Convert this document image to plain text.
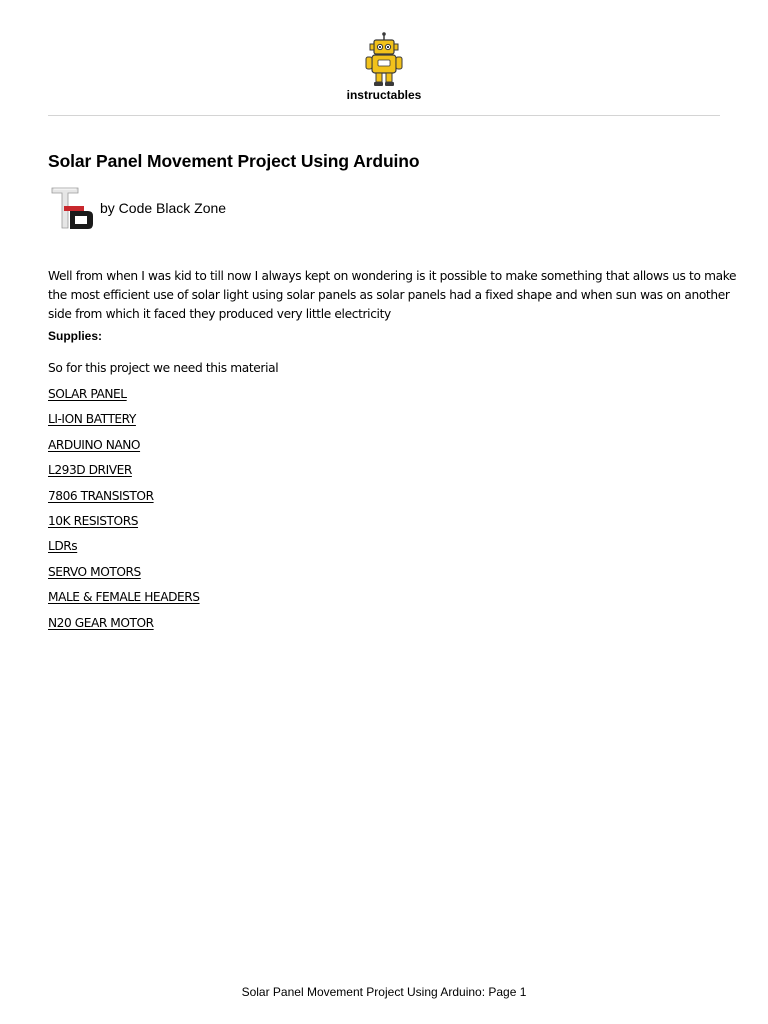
instructables
Solar Panel Movement Project Using Arduino
by Code Black Zone

Well from when I was kid to till now I always kept on wondering is it possible to make something that allows us to make the most efficient use of solar light using solar panels as solar panels had a fixed shape and when sun was on another side from which it faced they produced very little electricity

Supplies:
So for this project we need this material
SOLAR PANEL
LI-ION BATTERY
ARDUINO NANO
L293D DRIVER
7806 TRANSISTOR
10K RESISTORS
LDRs
SERVO MOTORS
MALE & FEMALE HEADERS
N20 GEAR MOTOR
Solar Panel Movement Project Using Arduino: Page 1
